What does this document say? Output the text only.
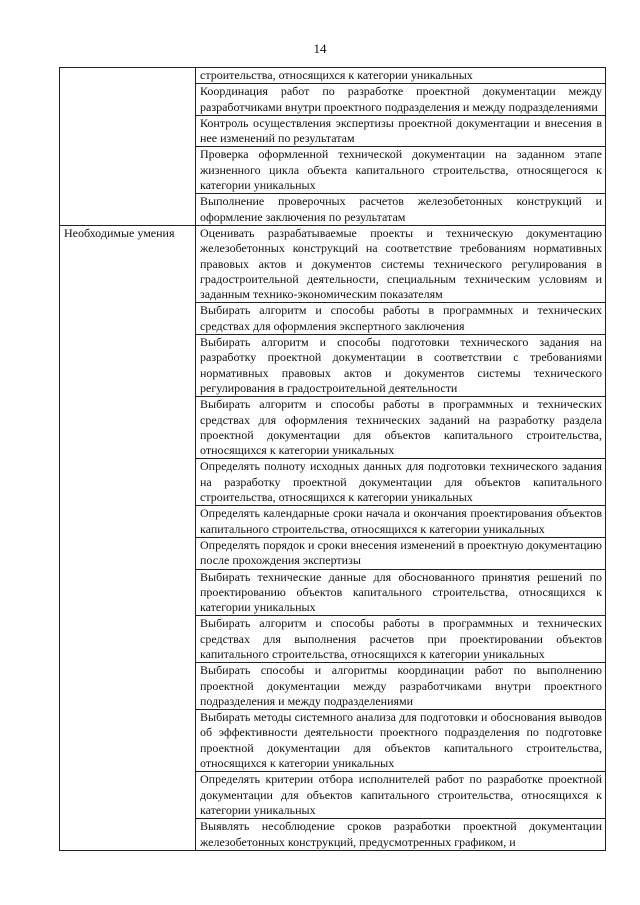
14
	строительства, относящихся к категории уникальных
	Координация работ по разработке проектной документации между разработчиками внутри проектного подразделения и между подразделениями
	Контроль осуществления экспертизы проектной документации и внесения в нее изменений по результатам
	Проверка оформленной технической документации на заданном этапе жизненного цикла объекта капитального строительства, относящегося к категории уникальных
	Выполнение проверочных расчетов железобетонных конструкций и оформление заключения по результатам
Необходимые умения	Оценивать разрабатываемые проекты и техническую документацию железобетонных конструкций на соответствие требованиям нормативных правовых актов и документов системы технического регулирования в градостроительной деятельности, специальным техническим условиям и заданным технико-экономическим показателям
	Выбирать алгоритм и способы работы в программных и технических средствах для оформления экспертного заключения
	Выбирать алгоритм и способы подготовки технического задания на разработку проектной документации в соответствии с требованиями нормативных правовых актов и документов системы технического регулирования в градостроительной деятельности
	Выбирать алгоритм и способы работы в программных и технических средствах для оформления технических заданий на разработку раздела проектной документации для объектов капитального строительства, относящихся к категории уникальных
	Определять полноту исходных данных для подготовки технического задания на разработку проектной документации для объектов капитального строительства, относящихся к категории уникальных
	Определять календарные сроки начала и окончания проектирования объектов капитального строительства, относящихся к категории уникальных
	Определять порядок и сроки внесения изменений в проектную документацию после прохождения экспертизы
	Выбирать технические данные для обоснованного принятия решений по проектированию объектов капитального строительства, относящихся к категории уникальных
	Выбирать алгоритм и способы работы в программных и технических средствах для выполнения расчетов при проектировании объектов капитального строительства, относящихся к категории уникальных
	Выбирать способы и алгоритмы координации работ по выполнению проектной документации между разработчиками внутри проектного подразделения и между подразделениями
	Выбирать методы системного анализа для подготовки и обоснования выводов об эффективности деятельности проектного подразделения по подготовке проектной документации для объектов капитального строительства, относящихся к категории уникальных
	Определять критерии отбора исполнителей работ по разработке проектной документации для объектов капитального строительства, относящихся к категории уникальных
	Выявлять несоблюдение сроков разработки проектной документации железобетонных конструкций, предусмотренных графиком, и
